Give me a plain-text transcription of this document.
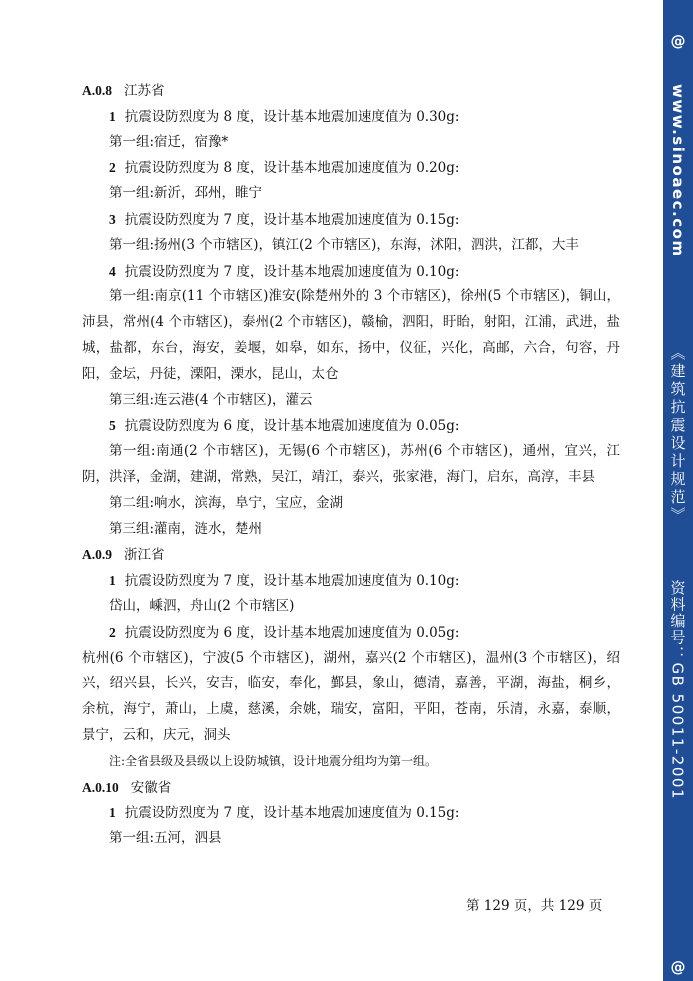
A.0.8 江苏省
1 抗震设防烈度为 8 度，设计基本地震加速度值为 0.30g:
第一组:宿迁，宿豫*
2 抗震设防烈度为 8 度，设计基本地震加速度值为 0.20g:
第一组:新沂，邳州，睢宁
3 抗震设防烈度为 7 度，设计基本地震加速度值为 0.15g:
第一组:扬州(3 个市辖区)，镇江(2 个市辖区)，东海，沭阳，泗洪，江都，大丰
4 抗震设防烈度为 7 度，设计基本地震加速度值为 0.10g:
第一组:南京(11 个市辖区)淮安(除楚州外的 3 个市辖区)，徐州(5 个市辖区)，铜山，沛县，常州(4 个市辖区)，泰州(2 个市辖区)，赣榆，泗阳，盱眙，射阳，江浦，武进，盐城，盐都，东台，海安，姜堰，如皋，如东，扬中，仪征，兴化，高邮，六合，句容，丹阳，金坛，丹徒，溧阳，溧水，昆山，太仓
第三组:连云港(4 个市辖区)，灌云
5 抗震设防烈度为 6 度，设计基本地震加速度值为 0.05g:
第一组:南通(2 个市辖区)，无锡(6 个市辖区)，苏州(6 个市辖区)，通州，宜兴，江阴，洪泽，金湖，建湖，常熟，吴江，靖江，泰兴，张家港，海门，启东，高淳，丰县
第二组:响水，滨海，阜宁，宝应，金湖
第三组:灌南，涟水，楚州
A.0.9 浙江省
1 抗震设防烈度为 7 度，设计基本地震加速度值为 0.10g:
岱山，嵊泗，舟山(2 个市辖区)
2 抗震设防烈度为 6 度，设计基本地震加速度值为 0.05g:
杭州(6 个市辖区)，宁波(5 个市辖区)，湖州，嘉兴(2 个市辖区)，温州(3 个市辖区)，绍兴，绍兴县，长兴，安吉，临安，奉化，鄞县，象山，德清，嘉善，平湖，海盐，桐乡，余杭，海宁，萧山，上虞，慈溪，余姚，瑞安，富阳，平阳，苍南，乐清，永嘉，泰顺，景宁，云和，庆元，洞头
注:全省县级及县级以上设防城镇，设计地震分组均为第一组。
A.0.10 安徽省
1 抗震设防烈度为 7 度，设计基本地震加速度值为 0.15g:
第一组:五河，泗县
第 129 页，共 129 页
@
www.sinoaec.com
《建筑抗震设计规范》
资料编号：GB 50011-2001
@
